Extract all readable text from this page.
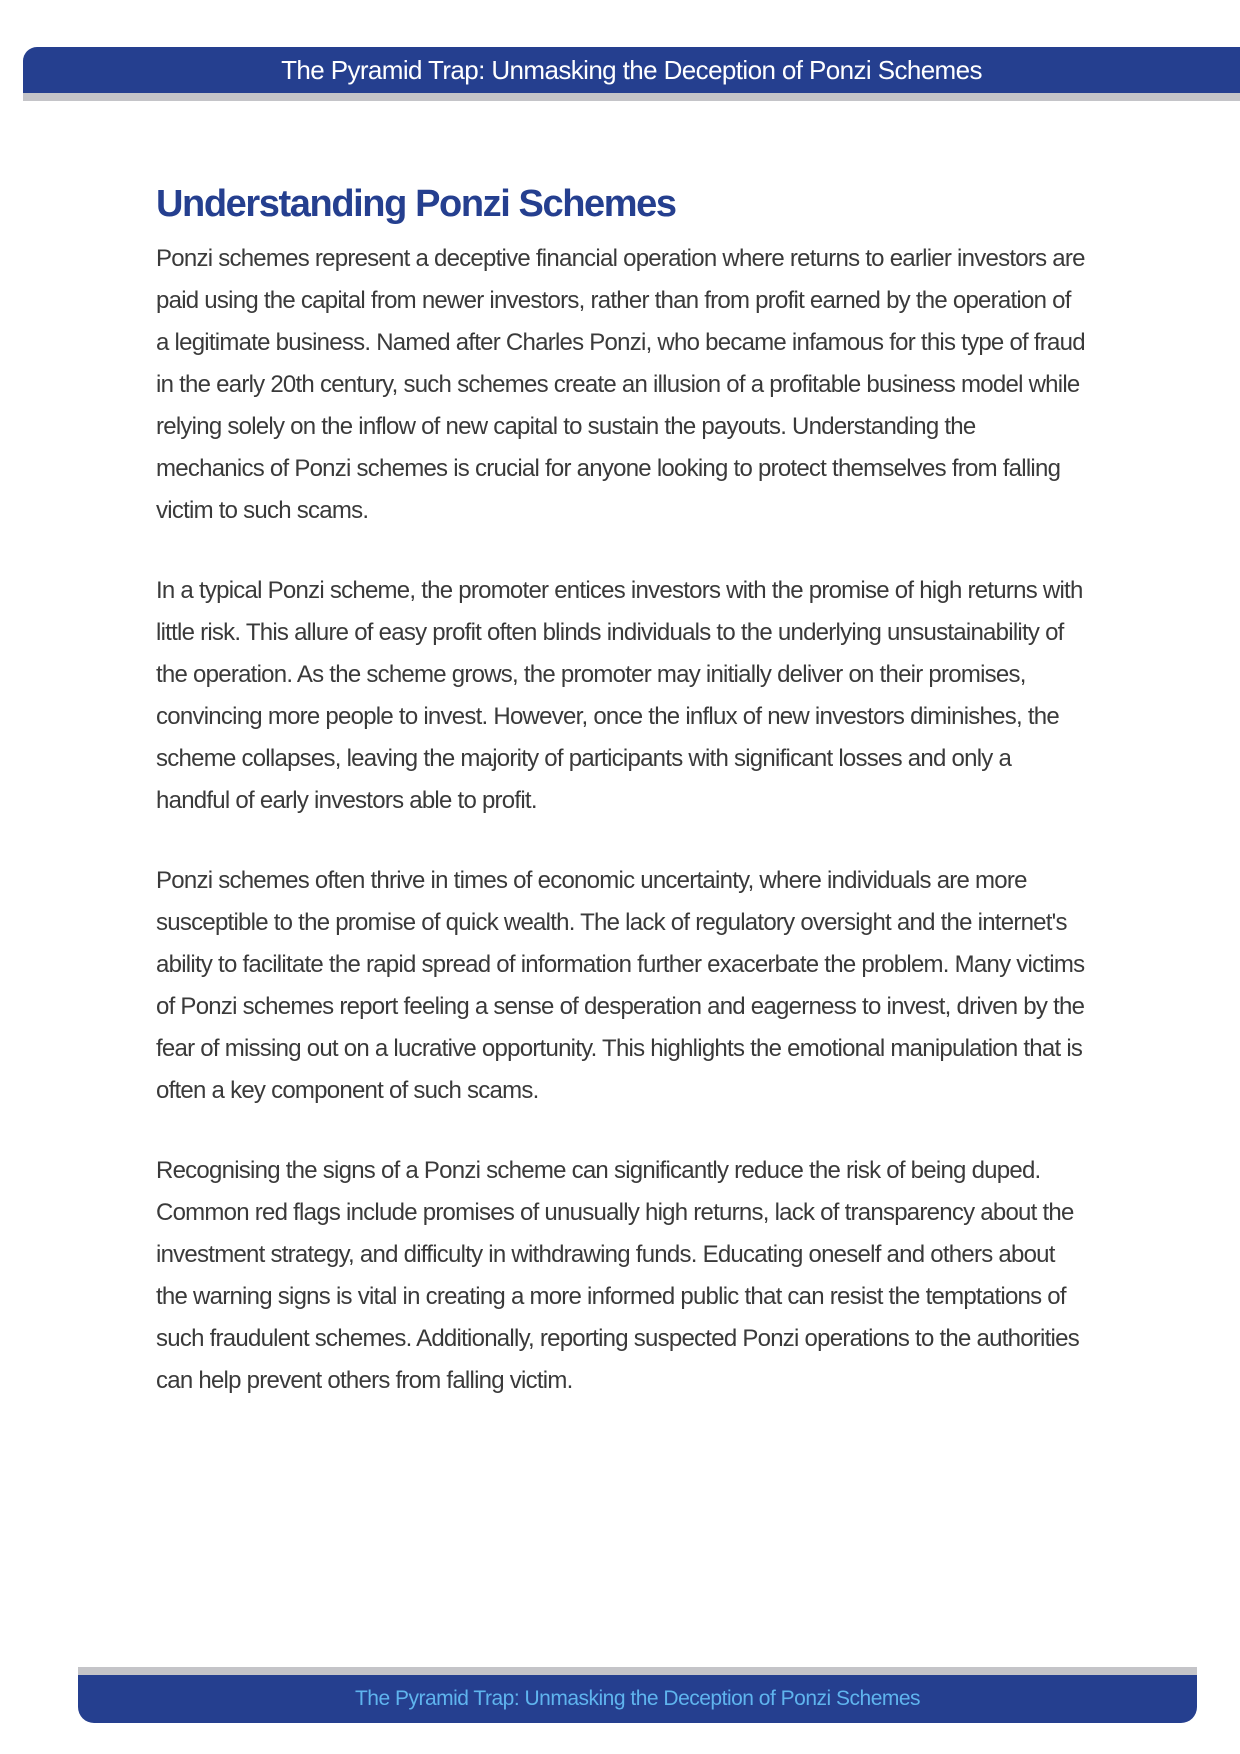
The Pyramid Trap: Unmasking the Deception of Ponzi Schemes
Understanding Ponzi Schemes

Ponzi schemes represent a deceptive financial operation where returns to earlier investors are paid using the capital from newer investors, rather than from profit earned by the operation of a legitimate business. Named after Charles Ponzi, who became infamous for this type of fraud in the early 20th century, such schemes create an illusion of a profitable business model while relying solely on the inflow of new capital to sustain the payouts. Understanding the mechanics of Ponzi schemes is crucial for anyone looking to protect themselves from falling victim to such scams.

In a typical Ponzi scheme, the promoter entices investors with the promise of high returns with little risk. This allure of easy profit often blinds individuals to the underlying unsustainability of the operation. As the scheme grows, the promoter may initially deliver on their promises, convincing more people to invest. However, once the influx of new investors diminishes, the scheme collapses, leaving the majority of participants with significant losses and only a handful of early investors able to profit.

Ponzi schemes often thrive in times of economic uncertainty, where individuals are more susceptible to the promise of quick wealth. The lack of regulatory oversight and the internet's ability to facilitate the rapid spread of information further exacerbate the problem. Many victims of Ponzi schemes report feeling a sense of desperation and eagerness to invest, driven by the fear of missing out on a lucrative opportunity. This highlights the emotional manipulation that is often a key component of such scams.

Recognising the signs of a Ponzi scheme can significantly reduce the risk of being duped. Common red flags include promises of unusually high returns, lack of transparency about the investment strategy, and difficulty in withdrawing funds. Educating oneself and others about the warning signs is vital in creating a more informed public that can resist the temptations of such fraudulent schemes. Additionally, reporting suspected Ponzi operations to the authorities can help prevent others from falling victim.

The Pyramid Trap: Unmasking the Deception of Ponzi Schemes
